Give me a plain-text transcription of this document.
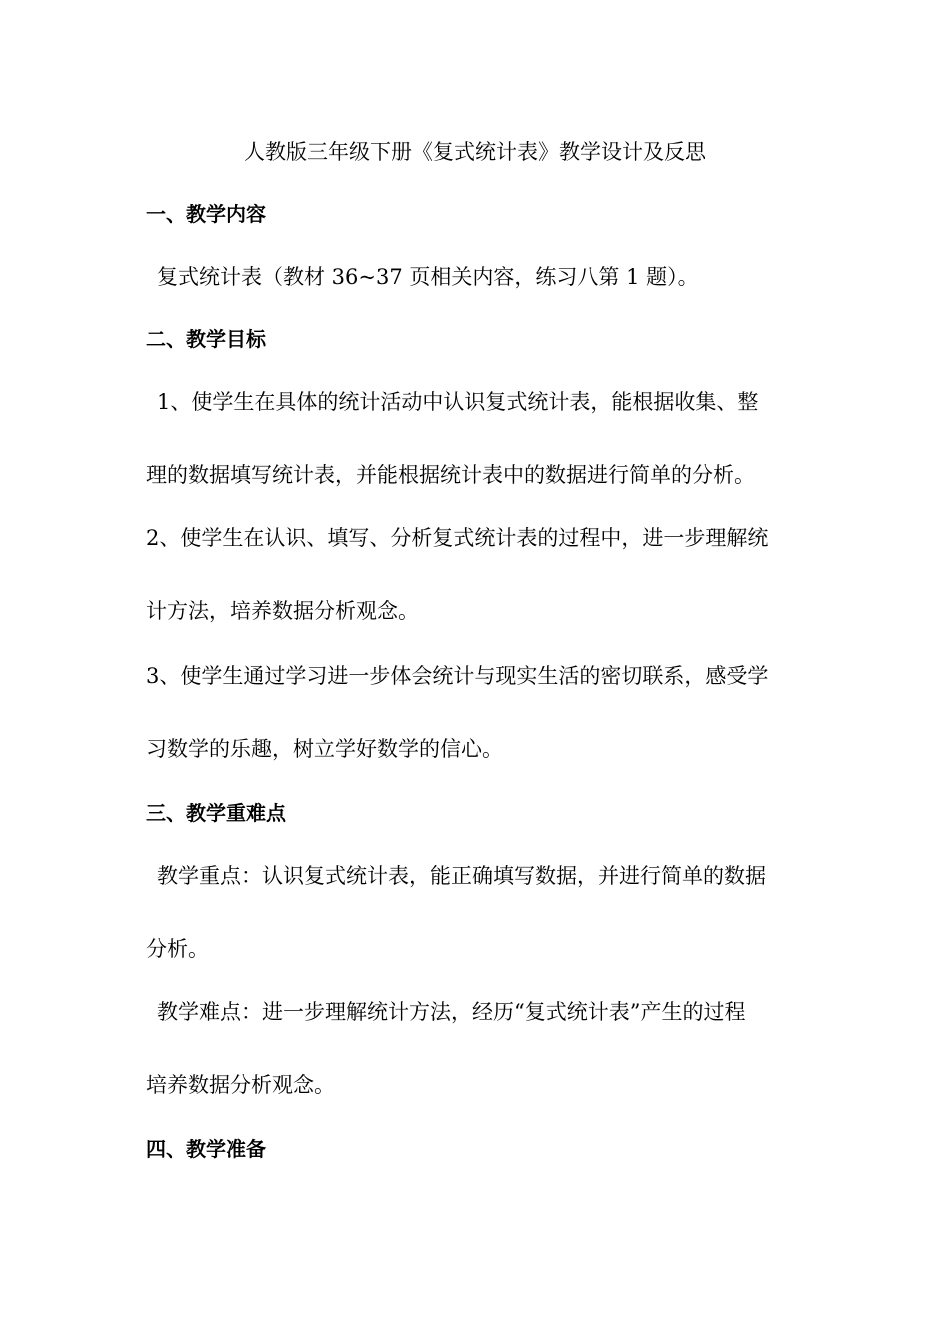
人教版三年级下册《复式统计表》教学设计及反思
一、教学内容
复式统计表（教材 36~37 页相关内容，练习八第 1 题）。
二、教学目标
1、使学生在具体的统计活动中认识复式统计表，能根据收集、整
理的数据填写统计表，并能根据统计表中的数据进行简单的分析。
2、使学生在认识、填写、分析复式统计表的过程中，进一步理解统
计方法，培养数据分析观念。
3、使学生通过学习进一步体会统计与现实生活的密切联系，感受学
习数学的乐趣，树立学好数学的信心。
三、教学重难点
教学重点：认识复式统计表，能正确填写数据，并进行简单的数据
分析。
教学难点：进一步理解统计方法，经历“复式统计表”产生的过程
培养数据分析观念。
四、教学准备
